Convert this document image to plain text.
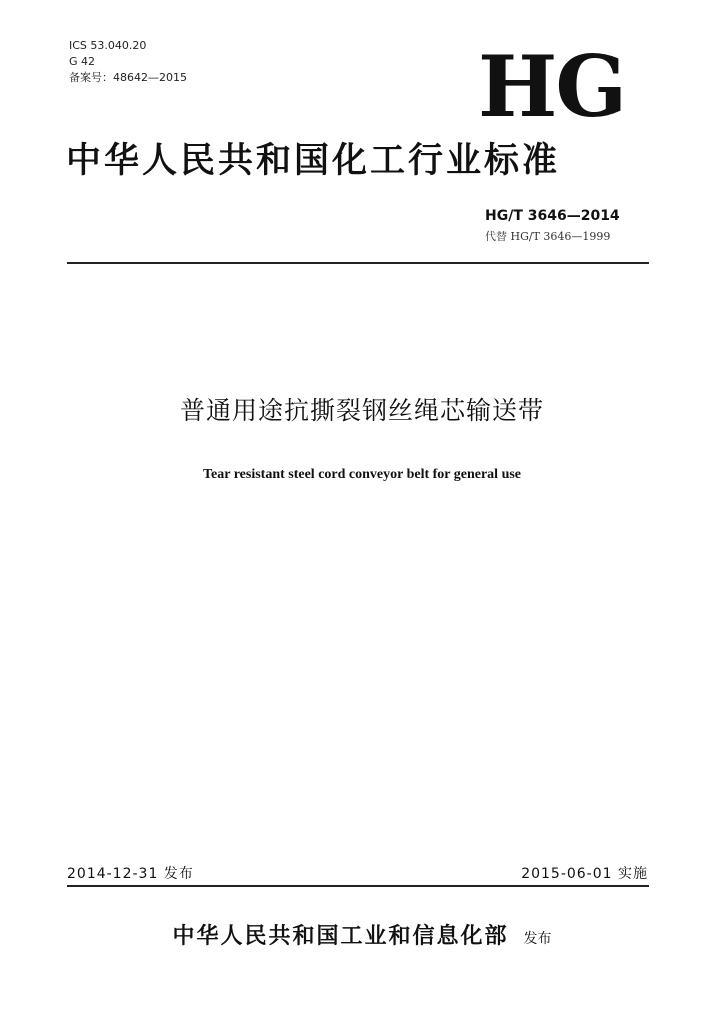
ICS 53.040.20
G 42
备案号：48642—2015	HG
中华人民共和国化工行业标准
HG/T 3646—2014
代替 HG/T 3646—1999
普通用途抗撕裂钢丝绳芯输送带
Tear resistant steel cord conveyor belt for general use
2014-12-31 发布	2015-06-01 实施
中华人民共和国工业和信息化部 发布
